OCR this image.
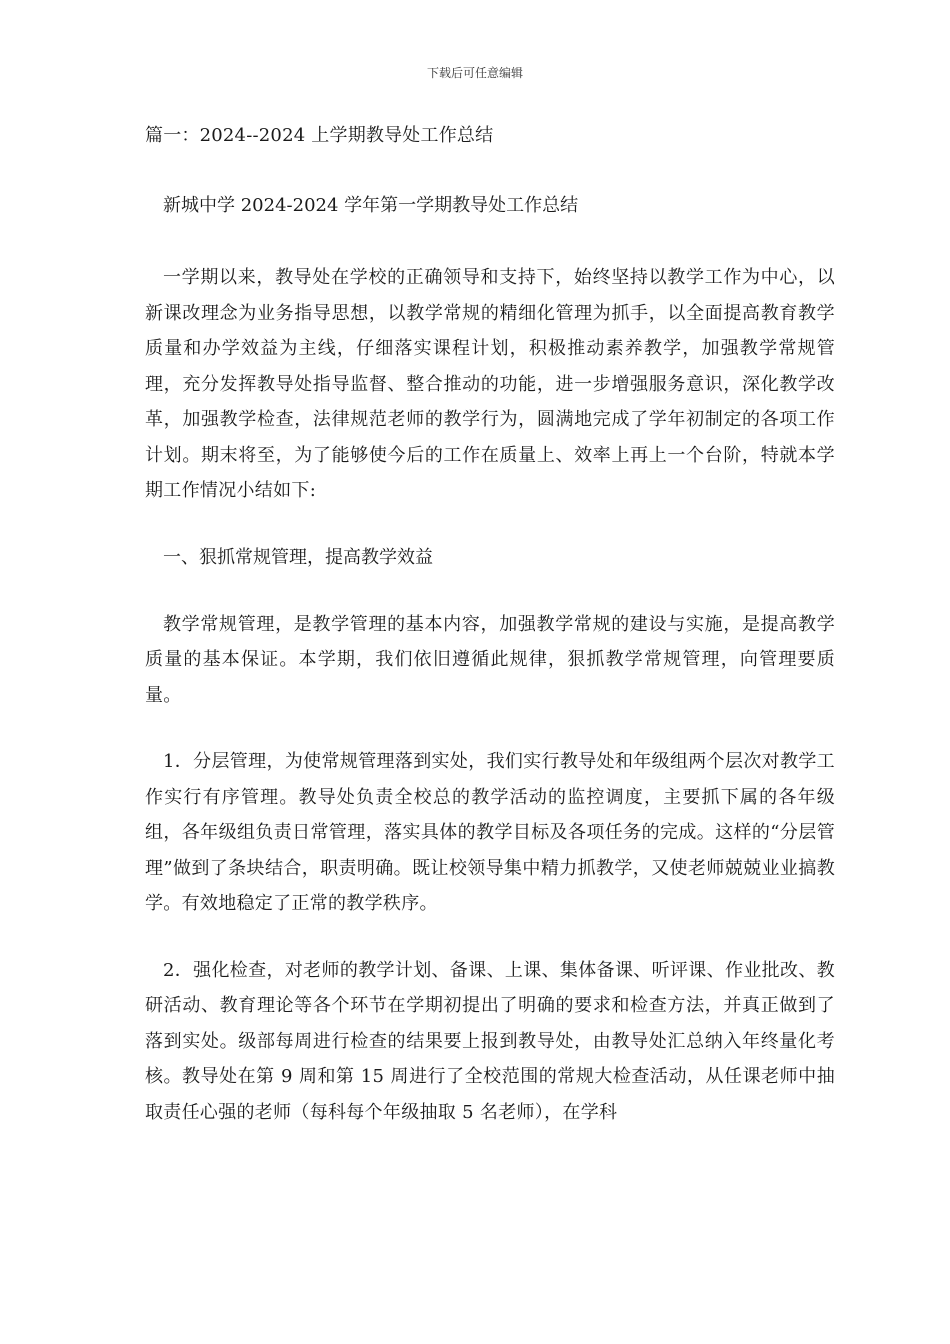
下载后可任意编辑
篇一：2024--2024 上学期教导处工作总结
新城中学 2024-2024 学年第一学期教导处工作总结
一学期以来，教导处在学校的正确领导和支持下，始终坚持以教学工作为中心，以新课改理念为业务指导思想，以教学常规的精细化管理为抓手，以全面提高教育教学质量和办学效益为主线，仔细落实课程计划，积极推动素养教学，加强教学常规管理，充分发挥教导处指导监督、整合推动的功能，进一步增强服务意识，深化教学改革，加强教学检查，法律规范老师的教学行为，圆满地完成了学年初制定的各项工作计划。期末将至，为了能够使今后的工作在质量上、效率上再上一个台阶，特就本学期工作情况小结如下:
一、狠抓常规管理，提高教学效益
教学常规管理，是教学管理的基本内容，加强教学常规的建设与实施，是提高教学质量的基本保证。本学期，我们依旧遵循此规律，狠抓教学常规管理，向管理要质量。
1．分层管理，为使常规管理落到实处，我们实行教导处和年级组两个层次对教学工作实行有序管理。教导处负责全校总的教学活动的监控调度，主要抓下属的各年级组，各年级组负责日常管理，落实具体的教学目标及各项任务的完成。这样的“分层管理”做到了条块结合，职责明确。既让校领导集中精力抓教学，又使老师兢兢业业搞教学。有效地稳定了正常的教学秩序。
2．强化检查，对老师的教学计划、备课、上课、集体备课、听评课、作业批改、教研活动、教育理论等各个环节在学期初提出了明确的要求和检查方法，并真正做到了落到实处。级部每周进行检查的结果要上报到教导处，由教导处汇总纳入年终量化考核。教导处在第 9 周和第 15 周进行了全校范围的常规大检查活动，从任课老师中抽取责任心强的老师（每科每个年级抽取 5 名老师），在学科
